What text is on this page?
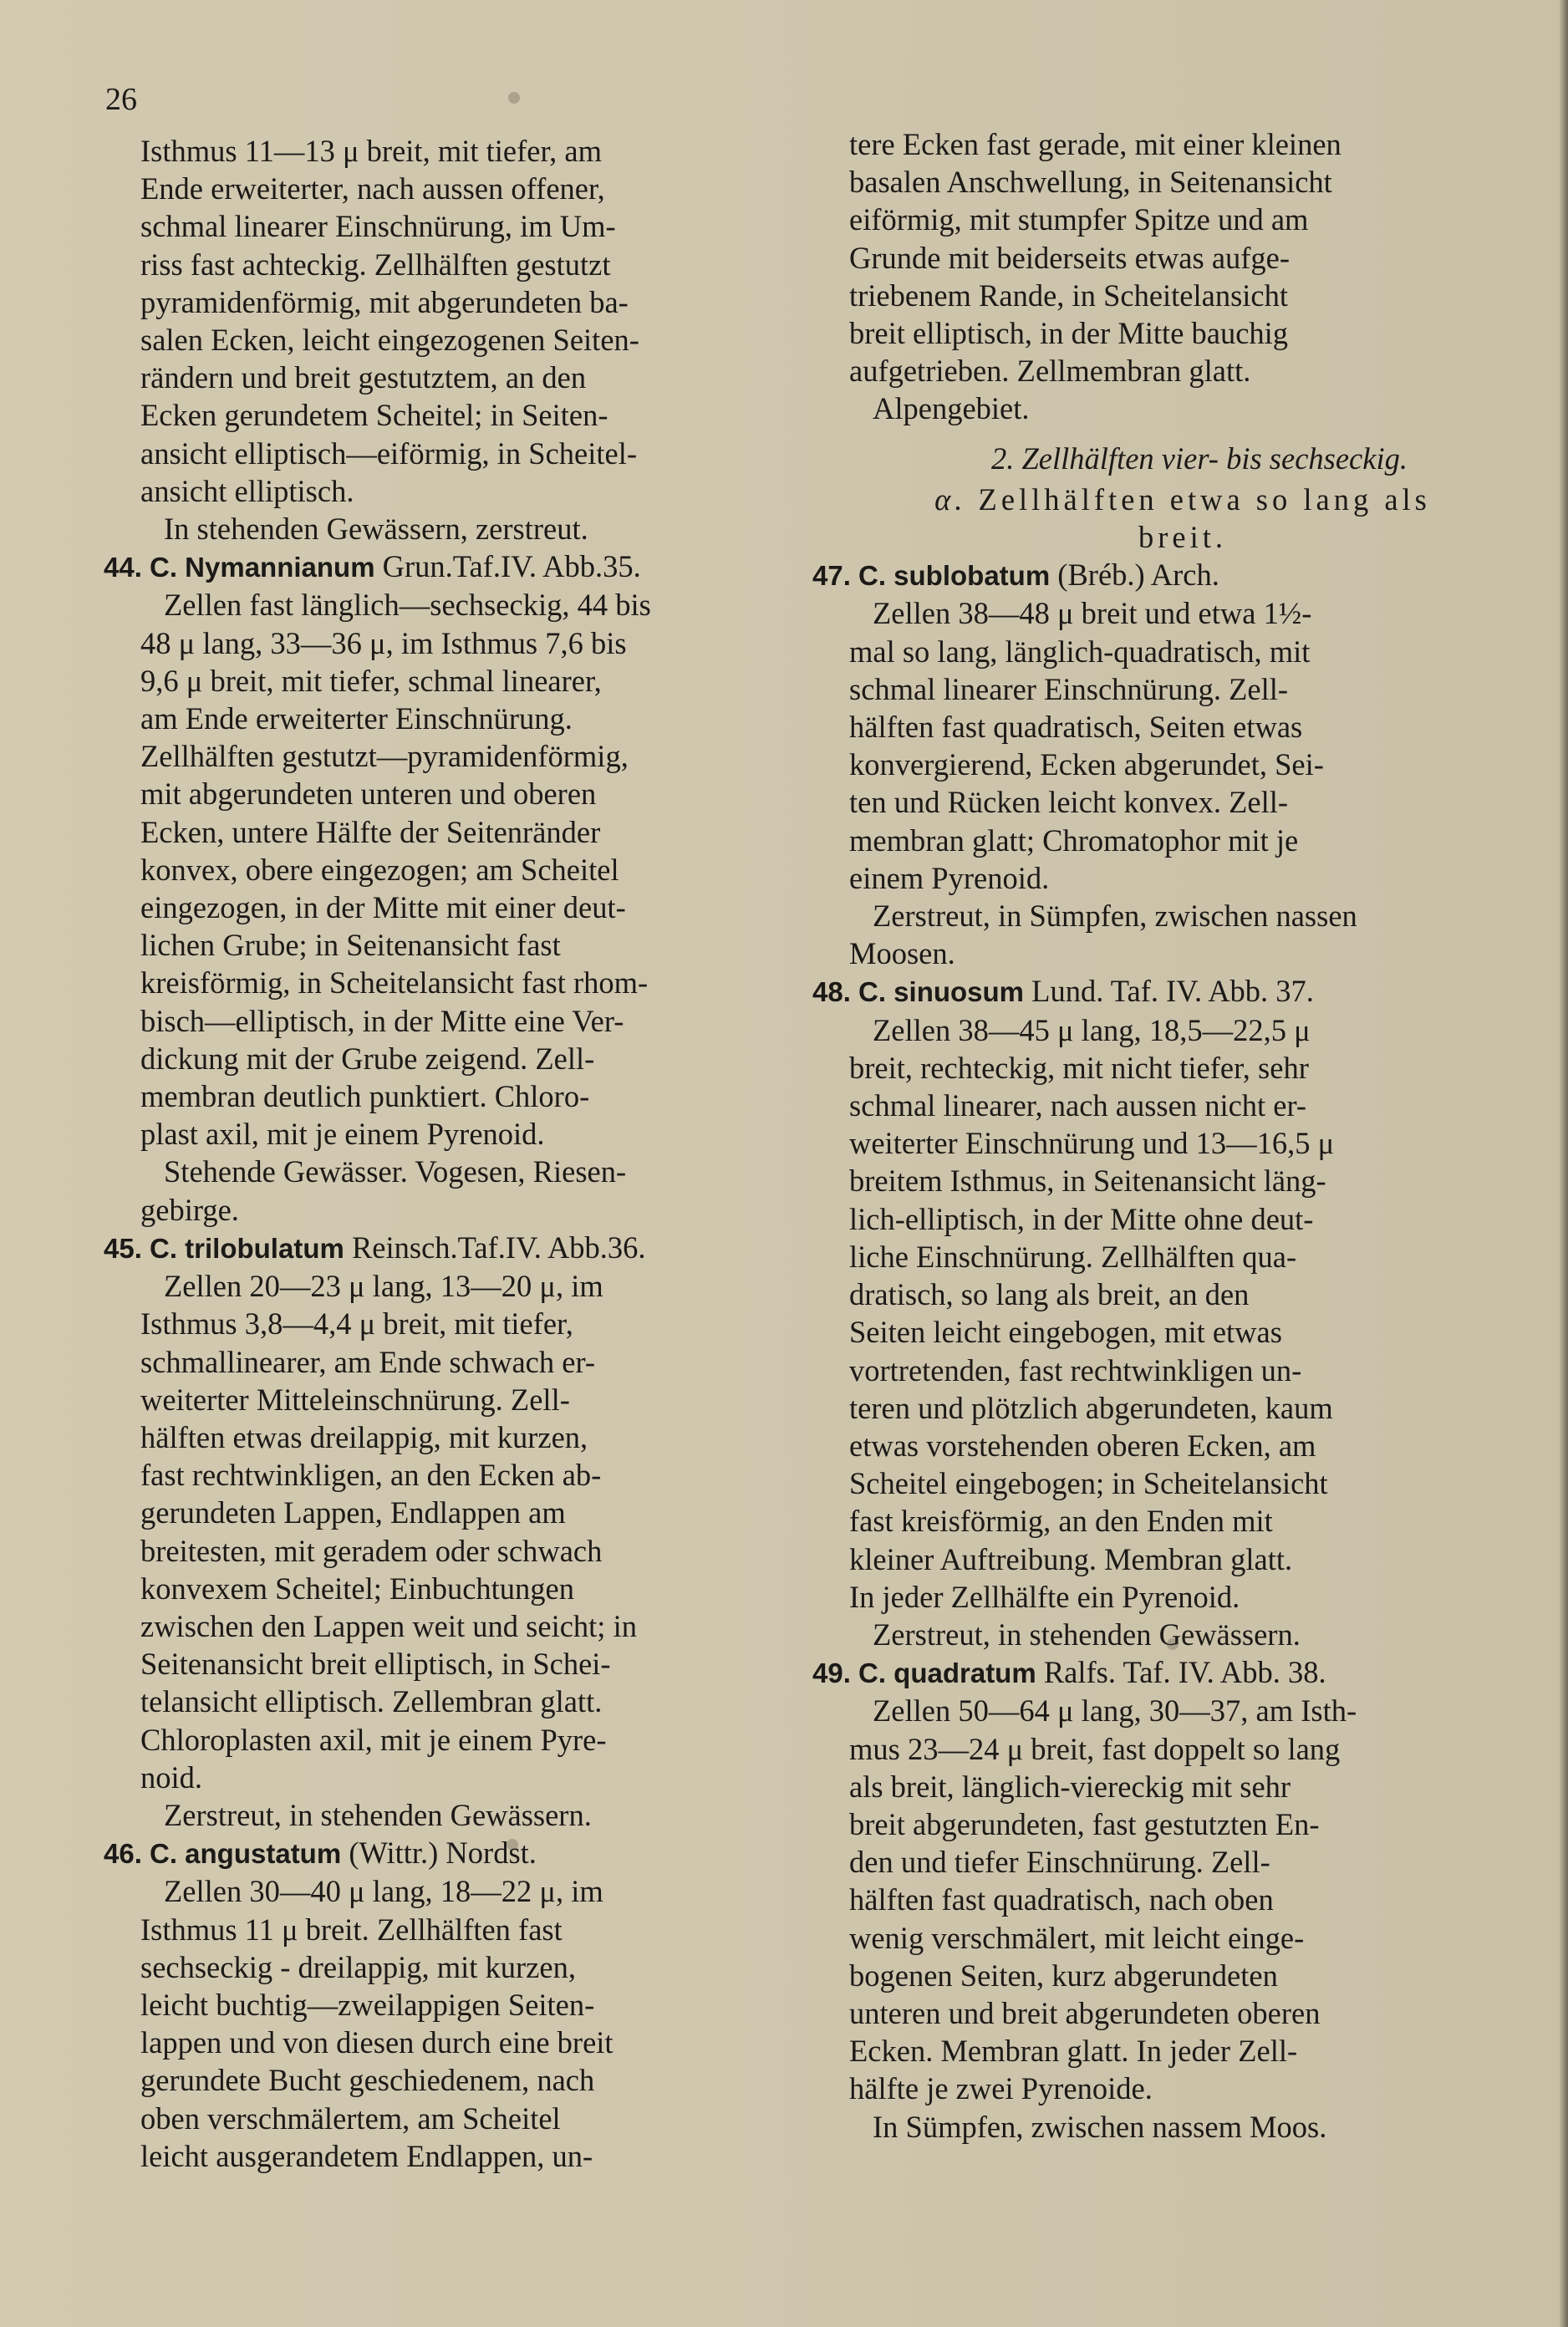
26

Isthmus 11—13 μ breit, mit tiefer, am

Ende erweiterter, nach aussen offener,

schmal linearer Einschnürung, im Um-

riss fast achteckig. Zellhälften gestutzt

pyramidenförmig, mit abgerundeten ba-

salen Ecken, leicht eingezogenen Seiten-

rändern und breit gestutztem, an den

Ecken gerundetem Scheitel; in Seiten-

ansicht elliptisch—eiförmig, in Scheitel-

ansicht elliptisch.

In stehenden Gewässern, zerstreut.

44. C. Nymannianum Grun.Taf.IV. Abb.35.

Zellen fast länglich—sechseckig, 44 bis

48 μ lang, 33—36 μ, im Isthmus 7,6 bis

9,6 μ breit, mit tiefer, schmal linearer,

am Ende erweiterter Einschnürung.

Zellhälften gestutzt—pyramidenförmig,

mit abgerundeten unteren und oberen

Ecken, untere Hälfte der Seitenränder

konvex, obere eingezogen; am Scheitel

eingezogen, in der Mitte mit einer deut-

lichen Grube; in Seitenansicht fast

kreisförmig, in Scheitelansicht fast rhom-

bisch—elliptisch, in der Mitte eine Ver-

dickung mit der Grube zeigend. Zell-

membran deutlich punktiert. Chloro-

plast axil, mit je einem Pyrenoid.

Stehende Gewässer. Vogesen, Riesen-

gebirge.

45. C. trilobulatum Reinsch.Taf.IV. Abb.36.

Zellen 20—23 μ lang, 13—20 μ, im

Isthmus 3,8—4,4 μ breit, mit tiefer,

schmallinearer, am Ende schwach er-

weiterter Mitteleinschnürung. Zell-

hälften etwas dreilappig, mit kurzen,

fast rechtwinkligen, an den Ecken ab-

gerundeten Lappen, Endlappen am

breitesten, mit geradem oder schwach

konvexem Scheitel; Einbuchtungen

zwischen den Lappen weit und seicht; in

Seitenansicht breit elliptisch, in Schei-

telansicht elliptisch. Zellembran glatt.

Chloroplasten axil, mit je einem Pyre-

noid.

Zerstreut, in stehenden Gewässern.

46. C. angustatum (Wittr.) Nordst.

Zellen 30—40 μ lang, 18—22 μ, im

Isthmus 11 μ breit. Zellhälften fast

sechseckig - dreilappig, mit kurzen,

leicht buchtig—zweilappigen Seiten-

lappen und von diesen durch eine breit

gerundete Bucht geschiedenem, nach

oben verschmälertem, am Scheitel

leicht ausgerandetem Endlappen, un-

tere Ecken fast gerade, mit einer kleinen

basalen Anschwellung, in Seitenansicht

eiförmig, mit stumpfer Spitze und am

Grunde mit beiderseits etwas aufge-

triebenem Rande, in Scheitelansicht

breit elliptisch, in der Mitte bauchig

aufgetrieben. Zellmembran glatt.

Alpengebiet.

2. Zellhälften vier- bis sechseckig.

α. Zellhälften etwa so lang als

breit.

47. C. sublobatum (Bréb.) Arch.

Zellen 38—48 μ breit und etwa 1½-

mal so lang, länglich-quadratisch, mit

schmal linearer Einschnürung. Zell-

hälften fast quadratisch, Seiten etwas

konvergierend, Ecken abgerundet, Sei-

ten und Rücken leicht konvex. Zell-

membran glatt; Chromatophor mit je

einem Pyrenoid.

Zerstreut, in Sümpfen, zwischen nassen

Moosen.

48. C. sinuosum Lund. Taf. IV. Abb. 37.

Zellen 38—45 μ lang, 18,5—22,5 μ

breit, rechteckig, mit nicht tiefer, sehr

schmal linearer, nach aussen nicht er-

weiterter Einschnürung und 13—16,5 μ

breitem Isthmus, in Seitenansicht läng-

lich-elliptisch, in der Mitte ohne deut-

liche Einschnürung. Zellhälften qua-

dratisch, so lang als breit, an den

Seiten leicht eingebogen, mit etwas

vortretenden, fast rechtwinkligen un-

teren und plötzlich abgerundeten, kaum

etwas vorstehenden oberen Ecken, am

Scheitel eingebogen; in Scheitelansicht

fast kreisförmig, an den Enden mit

kleiner Auftreibung. Membran glatt.

In jeder Zellhälfte ein Pyrenoid.

Zerstreut, in stehenden Gewässern.

49. C. quadratum Ralfs. Taf. IV. Abb. 38.

Zellen 50—64 μ lang, 30—37, am Isth-

mus 23—24 μ breit, fast doppelt so lang

als breit, länglich-viereckig mit sehr

breit abgerundeten, fast gestutzten En-

den und tiefer Einschnürung. Zell-

hälften fast quadratisch, nach oben

wenig verschmälert, mit leicht einge-

bogenen Seiten, kurz abgerundeten

unteren und breit abgerundeten oberen

Ecken. Membran glatt. In jeder Zell-

hälfte je zwei Pyrenoide.

In Sümpfen, zwischen nassem Moos.
